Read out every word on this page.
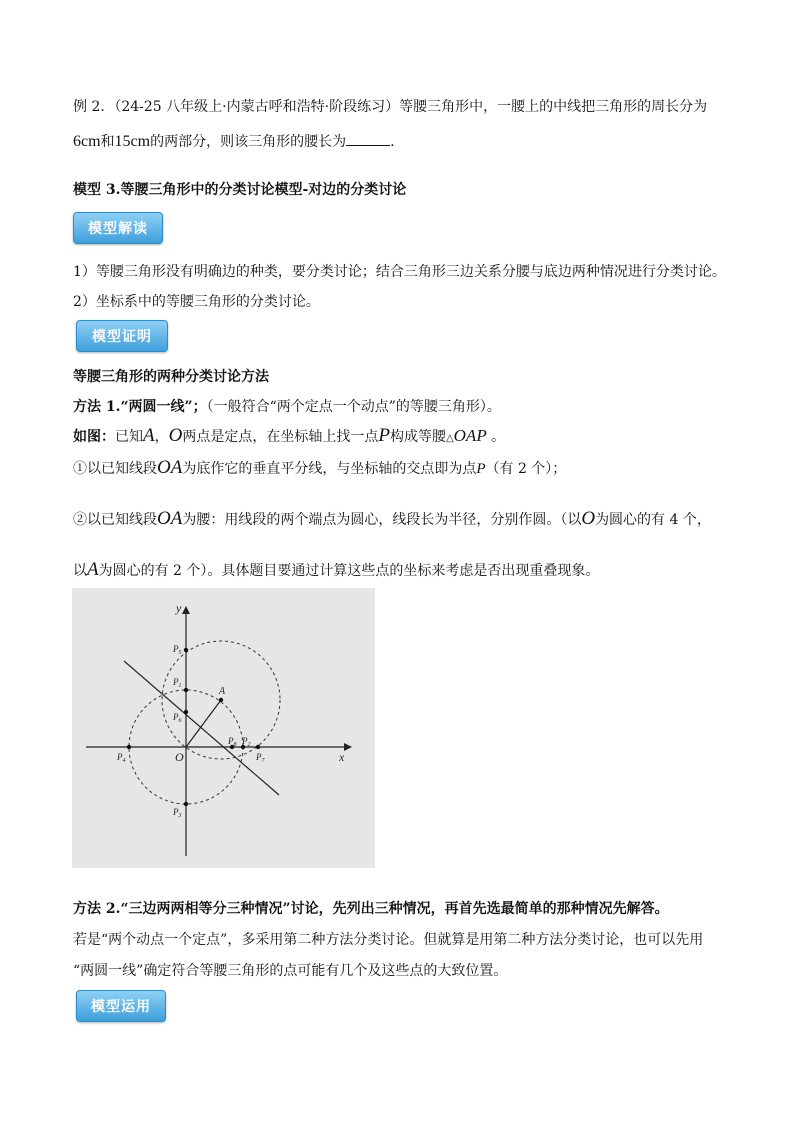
例 2．（24-25 八年级上·内蒙古呼和浩特·阶段练习）等腰三角形中，一腰上的中线把三角形的周长分为
6cm和15cm的两部分，则该三角形的腰长为	.
模型 3.等腰三角形中的分类讨论模型-对边的分类讨论
模型解读
1）等腰三角形没有明确边的种类，要分类讨论；结合三角形三边关系分腰与底边两种情况进行分类讨论。
2）坐标系中的等腰三角形的分类讨论。
模型证明
等腰三角形的两种分类讨论方法
方法 1.“两圆一线”；（一般符合“两个定点一个动点”的等腰三角形）。
如图：已知A，O两点是定点，在坐标轴上找一点P构成等腰△OAP 。
①以已知线段OA为底作它的垂直平分线，与坐标轴的交点即为点P（有 2 个）；
②以已知线段OA为腰：用线段的两个端点为圆心，线段长为半径，分别作圆。（以O为圆心的有 4 个，
以A为圆心的有 2 个）。具体题目要通过计算这些点的坐标来考虑是否出现重叠现象。
x
y
O
A
$P_5$
$P_1$
$P_6$
$P_2$
$P_4$	$P_7$
$P_8$
$P_3$
方法 2.“三边两两相等分三种情况”讨论，先列出三种情况，再首先选最简单的那种情况先解答。
若是“两个动点一个定点”，多采用第二种方法分类讨论。但就算是用第二种方法分类讨论，也可以先用
“两圆一线”确定符合等腰三角形的点可能有几个及这些点的大致位置。
模型运用
